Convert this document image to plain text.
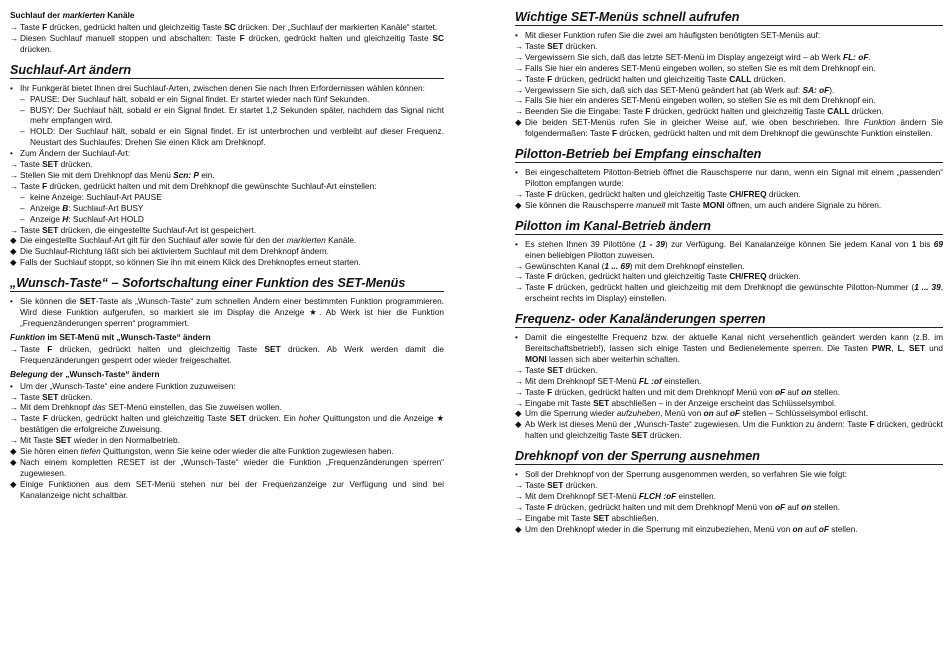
Suchlauf der markierten Kanäle
→ Taste F drücken, gedrückt halten und gleichzeitig Taste SC drücken. Der „Suchlauf der markierten Kanäle“ startet.
→ Diesen Suchlauf manuell stoppen und abschalten: Taste F drücken, gedrückt halten und gleichzeitig Taste SC drücken.
Suchlauf-Art ändern
• Ihr Funkgerät bietet Ihnen drei Suchlauf-Arten, zwischen denen Sie nach Ihren Erfordernissen wählen können:
– PAUSE: Der Suchlauf hält, sobald er ein Signal findet. Er startet wieder nach fünf Sekunden.
– BUSY: Der Suchlauf hält, sobald er ein Signal findet. Er startet 1,2 Sekunden später, nachdem das Signal nicht mehr empfangen wird.
– HOLD: Der Suchlauf hält, sobald er ein Signal findet. Er ist unterbrochen und verbleibt auf dieser Frequenz. Neustart des Suchlaufes: Drehen Sie einen Klick am Drehknopf.
• Zum Ändern der Suchlauf-Art:
→ Taste SET drücken.
→ Stellen Sie mit dem Drehknopf das Menü Scn: P ein.
→ Taste F drücken, gedrückt halten und mit dem Drehknopf die gewünschte Suchlauf-Art einstellen:
– keine Anzeige: Suchlauf-Art PAUSE
– Anzeige B: Suchlauf-Art BUSY
– Anzeige H: Suchlauf-Art HOLD
→ Taste SET drücken, die eingestellte Suchlauf-Art ist gespeichert.
◆ Die eingestellte Suchlauf-Art gilt für den Suchlauf aller sowie für den der markierten Kanäle.
◆ Die Suchlauf-Richtung läßt sich bei aktiviertem Suchlauf mit dem Drehknopf ändern.
◆ Falls der Suchlauf stoppt, so können Sie ihn mit einem Klick des Drehknopfes erneut starten.
„Wunsch-Taste“ – Sofortschaltung einer Funktion des SET-Menüs
• Sie können die SET-Taste als „Wunsch-Taste“ zum schnellen Ändern einer bestimmten Funktion programmieren. Wird diese Funktion aufgerufen, so markiert sie im Display die Anzeige ★. Ab Werk ist hier die Funktion „Frequenzänderungen sperren“ programmiert.
Funktion im SET-Menü mit „Wunsch-Taste“ ändern
→ Taste F drücken, gedrückt halten und gleichzeitig Taste SET drücken. Ab Werk werden damit die Frequenzänderungen gesperrt oder wieder freigeschaltet.
Belegung der „Wunsch-Taste“ ändern
• Um der „Wunsch-Taste“ eine andere Funktion zuzuweisen:
→ Taste SET drücken.
→ Mit dem Drehknopf das SET-Menü einstellen, das Sie zuweisen wollen.
→ Taste F drücken, gedrückt halten und gleichzeitig Taste SET drücken. Ein hoher Quittungston und die Anzeige ★ bestätigen die erfolgreiche Zuweisung.
→ Mit Taste SET wieder in den Normalbetrieb.
◆ Sie hören einen tiefen Quittungston, wenn Sie keine oder wieder die alte Funktion zugewiesen haben.
◆ Nach einem kompletten RESET ist der „Wunsch-Taste“ wieder die Funktion „Frequenzänderungen sperren“ zugewiesen.
◆ Einige Funktionen aus dem SET-Menü stehen nur bei der Frequenzanzeige zur Verfügung und sind bei Kanalanzeige nicht schaltbar.
Wichtige SET-Menüs schnell aufrufen
• Mit dieser Funktion rufen Sie die zwei am häufigsten benötigten SET-Menüs auf:
→ Taste SET drücken.
→ Vergewissern Sie sich, daß das letzte SET-Menü im Display angezeigt wird – ab Werk FL: oF.
→ Falls Sie hier ein anderes SET-Menü eingeben wollen, so stellen Sie es mit dem Drehknopf ein.
→ Taste F drücken, gedrückt halten und gleichzeitig Taste CALL drücken.
→ Vergewissern Sie sich, daß sich das SET-Menü geändert hat (ab Werk auf: SA: oF).
→ Falls Sie hier ein anderes SET-Menü eingeben wollen, so stellen Sie es mit dem Drehknopf ein.
→ Beenden Sie die Eingabe: Taste F drücken, gedrückt halten und gleichzeitig Taste CALL drücken.
◆ Die beiden SET-Menüs rufen Sie in gleicher Weise auf, wie oben beschrieben. Ihre Funktion ändern Sie folgendermaßen: Taste F drücken, gedrückt halten und mit dem Drehknopf die gewünschte Funktion einstellen.
Pilotton-Betrieb bei Empfang einschalten
• Bei eingeschaltetem Pilotton-Betrieb öffnet die Rauschsperre nur dann, wenn ein Signal mit einem „passenden“ Pilotton empfangen wurde:
→ Taste F drücken, gedrückt halten und gleichzeitig Taste CH/FREQ drücken.
◆ Sie können die Rauschsperre manuell mit Taste MONI öffnen, um auch andere Signale zu hören.
Pilotton im Kanal-Betrieb ändern
• Es stehen Ihnen 39 Pilottöne (1 - 39) zur Verfügung. Bei Kanalanzeige können Sie jedem Kanal von 1 bis 69 einen beliebigen Pilotton zuweisen.
→ Gewünschten Kanal (1 ... 69) mit dem Drehknopf einstellen.
→ Taste F drücken, gedrückt halten und gleichzeitig Taste CH/FREQ drücken.
→ Taste F drücken, gedrückt halten und gleichzeitig mit dem Drehknopf die gewünschte Pilotton-Nummer (1 ... 39, erscheint rechts im Display) einstellen.
Frequenz- oder Kanaländerungen sperren
• Damit die eingestellte Frequenz bzw. der aktuelle Kanal nicht versehentlich geändert werden kann (z.B. im Bereitschaftsbetrieb!), lassen sich einige Tasten und Bedienelemente sperren. Die Tasten PWR, L, SET und MONI lassen sich aber weiterhin schalten.
→ Taste SET drücken.
→ Mit dem Drehknopf SET-Menü FL :of einstellen.
→ Taste F drücken, gedrückt halten und mit dem Drehknopf Menü von oF auf on stellen.
→ Eingabe mit Taste SET abschließen – in der Anzeige erscheint das Schlüsselsymbol.
◆ Um die Sperrung wieder aufzuheben, Menü von on auf oF stellen – Schlüsselsymbol erlischt.
◆ Ab Werk ist dieses Menü der „Wunsch-Taste“ zugewiesen. Um die Funktion zu ändern: Taste F drücken, gedrückt halten und gleichzeitig Taste SET drücken.
Drehknopf von der Sperrung ausnehmen
• Soll der Drehknopf von der Sperrung ausgenommen werden, so verfahren Sie wie folgt:
→ Taste SET drücken.
→ Mit dem Drehknopf SET-Menü FLCH :oF einstellen.
→ Taste F drücken, gedrückt halten und mit dem Drehknopf Menü von oF auf on stellen.
→ Eingabe mit Taste SET abschließen.
◆ Um den Drehknopf wieder in die Sperrung mit einzubeziehen, Menü von on auf oF stellen.
